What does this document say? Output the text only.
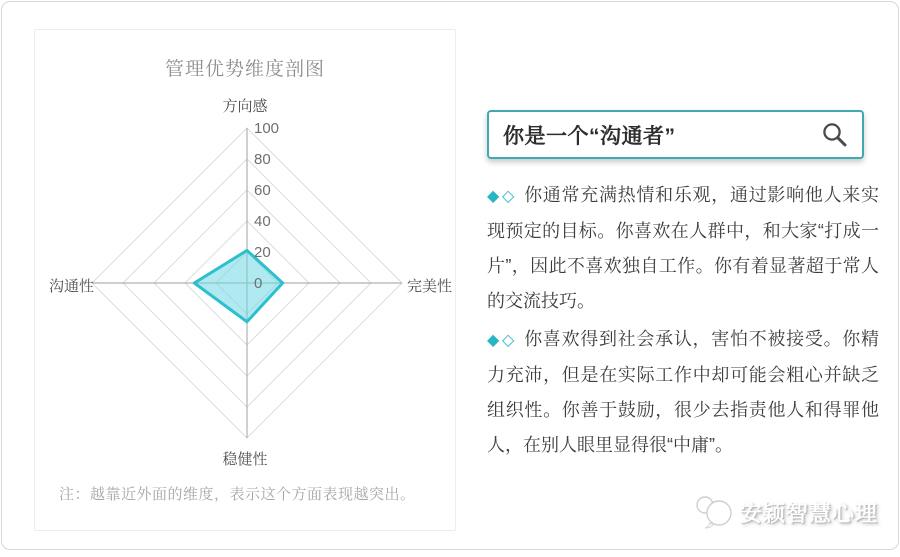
管理优势维度剖图
0
20
40
60
80
100
方向感
完美性
稳健性
沟通性
注：越靠近外面的维度，表示这个方面表现越突出。
你是一个“沟通者”
◆◇ 你通常充满热情和乐观，通过影响他人来实现预定的目标。你喜欢在人群中，和大家“打成一片”，因此不喜欢独自工作。你有着显著超于常人的交流技巧。
◆◇ 你喜欢得到社会承认，害怕不被接受。你精力充沛，但是在实际工作中却可能会粗心并缺乏组织性。你善于鼓励，很少去指责他人和得罪他人，在别人眼里显得很“中庸”。
安颖智慧心理
